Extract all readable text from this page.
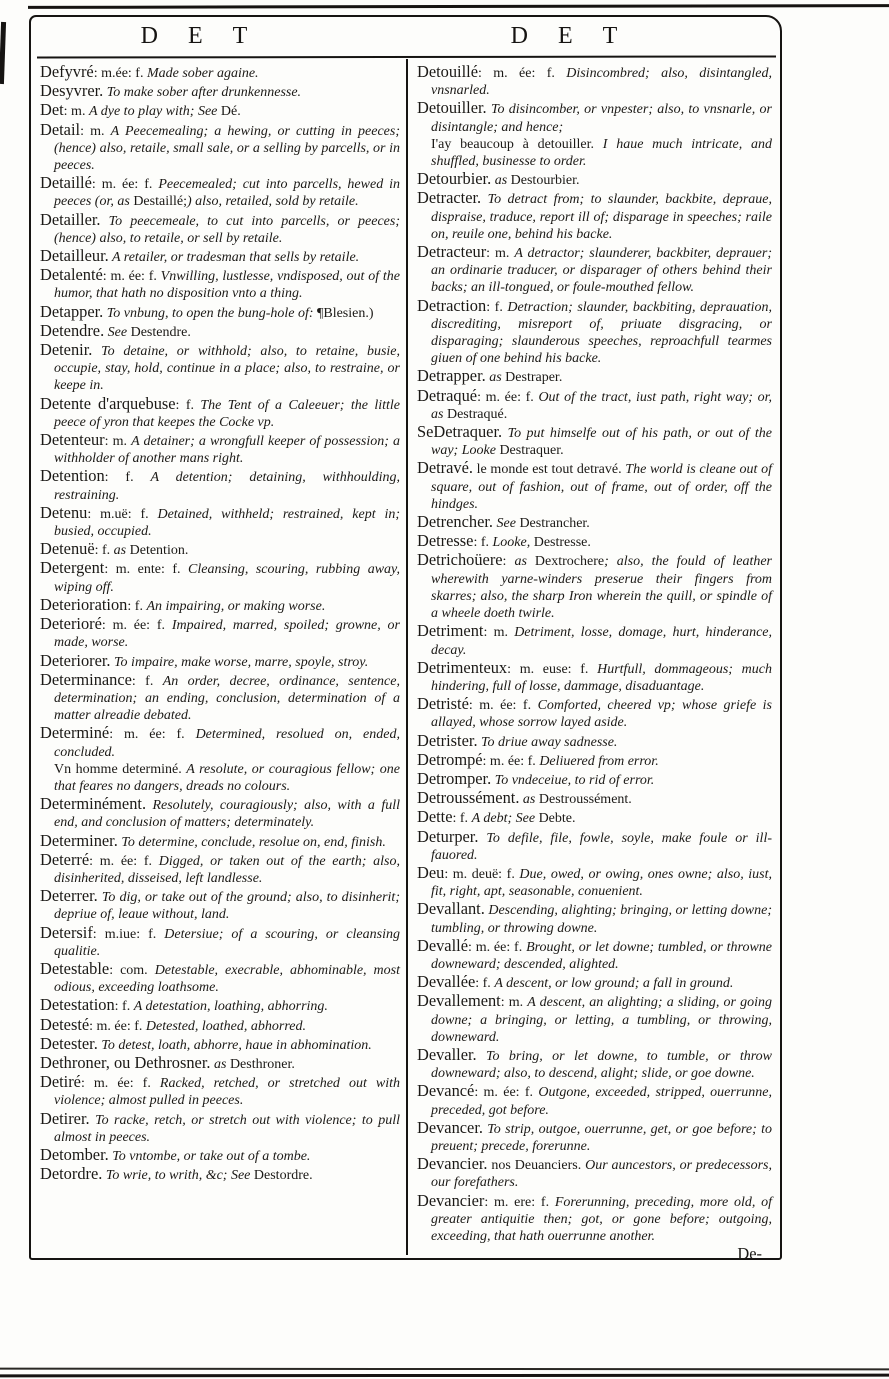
D E T	D E T

Defyvré: m.ée: f. Made sober againe.

Desyvrer. To make sober after drunkennesse.

Det: m. A dye to play with; See Dé.

Detail: m. A Peecemealing; a hewing, or cutting in peeces; (hence) also, retaile, small sale, or a selling by parcells, or in peeces.

Detaillé: m. ée: f. Peecemealed; cut into parcells, hewed in peeces (or, as Destaillé;) also, retailed, sold by retaile.

Detailler. To peecemeale, to cut into parcells, or peeces; (hence) also, to retaile, or sell by retaile.

Detailleur. A retailer, or tradesman that sells by retaile.

Detalenté: m. ée: f. Vnwilling, lustlesse, vndisposed, out of the humor, that hath no disposition vnto a thing.

Detapper. To vnbung, to open the bung-hole of: ¶Blesien.)

Detendre. See Destendre.

Detenir. To detaine, or withhold; also, to retaine, busie, occupie, stay, hold, continue in a place; also, to restraine, or keepe in.

Detente d'arquebuse: f. The Tent of a Caleeuer; the little peece of yron that keepes the Cocke vp.

Detenteur: m. A detainer; a wrongfull keeper of possession; a withholder of another mans right.

Detention: f. A detention; detaining, withhoulding, restraining.

Detenu: m.uë: f. Detained, withheld; restrained, kept in; busied, occupied.

Detenuë: f. as Detention.

Detergent: m. ente: f. Cleansing, scouring, rubbing away, wiping off.

Deterioration: f. An impairing, or making worse.

Deterioré: m. ée: f. Impaired, marred, spoiled; growne, or made, worse.

Deteriorer. To impaire, make worse, marre, spoyle, stroy.

Determinance: f. An order, decree, ordinance, sentence, determination; an ending, conclusion, determination of a matter alreadie debated.

Determiné: m. ée: f. Determined, resolued on, ended, concluded.

Vn homme determiné. A resolute, or couragious fellow; one that feares no dangers, dreads no colours.

Determinément. Resolutely, couragiously; also, with a full end, and conclusion of matters; determinately.

Determiner. To determine, conclude, resolue on, end, finish.

Deterré: m. ée: f. Digged, or taken out of the earth; also, disinherited, disseised, left landlesse.

Deterrer. To dig, or take out of the ground; also, to disinherit; depriue of, leaue without, land.

Detersif: m.iue: f. Detersiue; of a scouring, or cleansing qualitie.

Detestable: com. Detestable, execrable, abhominable, most odious, exceeding loathsome.

Detestation: f. A detestation, loathing, abhorring.

Detesté: m. ée: f. Detested, loathed, abhorred.

Detester. To detest, loath, abhorre, haue in abhomination.

Dethroner, ou Dethrosner. as Desthroner.

Detiré: m. ée: f. Racked, retched, or stretched out with violence; almost pulled in peeces.

Detirer. To racke, retch, or stretch out with violence; to pull almost in peeces.

Detomber. To vntombe, or take out of a tombe.

Detordre. To wrie, to writh, &c; See Destordre.

Detouillé: m. ée: f. Disincombred; also, disintangled, vnsnarled.

Detouiller. To disincomber, or vnpester; also, to vnsnarle, or disintangle; and hence;

I'ay beaucoup à detouiller. I haue much intricate, and shuffled, businesse to order.

Detourbier. as Destourbier.

Detracter. To detract from; to slaunder, backbite, depraue, dispraise, traduce, report ill of; disparage in speeches; raile on, reuile one, behind his backe.

Detracteur: m. A detractor; slaunderer, backbiter, deprauer; an ordinarie traducer, or disparager of others behind their backs; an ill-tongued, or foule-mouthed fellow.

Detraction: f. Detraction; slaunder, backbiting, deprauation, discrediting, misreport of, priuate disgracing, or disparaging; slaunderous speeches, reproachfull tearmes giuen of one behind his backe.

Detrapper. as Destraper.

Detraqué: m. ée: f. Out of the tract, iust path, right way; or, as Destraqué.

SeDetraquer. To put himselfe out of his path, or out of the way; Looke Destraquer.

Detravé. le monde est tout detravé. The world is cleane out of square, out of fashion, out of frame, out of order, off the hindges.

Detrencher. See Destrancher.

Detresse: f. Looke, Destresse.

Detrichoüere: as Dextrochere; also, the fould of leather wherewith yarne-winders preserue their fingers from skarres; also, the sharp Iron wherein the quill, or spindle of a wheele doeth twirle.

Detriment: m. Detriment, losse, domage, hurt, hinderance, decay.

Detrimenteux: m. euse: f. Hurtfull, dommageous; much hindering, full of losse, dammage, disaduantage.

Detristé: m. ée: f. Comforted, cheered vp; whose griefe is allayed, whose sorrow layed aside.

Detrister. To driue away sadnesse.

Detrompé: m. ée: f. Deliuered from error.

Detromper. To vndeceiue, to rid of error.

Detroussément. as Destroussément.

Dette: f. A debt; See Debte.

Deturper. To defile, file, fowle, soyle, make foule or ill-fauored.

Deu: m. deuë: f. Due, owed, or owing, ones owne; also, iust, fit, right, apt, seasonable, conuenient.

Devallant. Descending, alighting; bringing, or letting downe; tumbling, or throwing downe.

Devallé: m. ée: f. Brought, or let downe; tumbled, or throwne downeward; descended, alighted.

Devallée: f. A descent, or low ground; a fall in ground.

Devallement: m. A descent, an alighting; a sliding, or going downe; a bringing, or letting, a tumbling, or throwing, downeward.

Devaller. To bring, or let downe, to tumble, or throw downeward; also, to descend, alight; slide, or goe downe.

Devancé: m. ée: f. Outgone, exceeded, stripped, ouerrunne, preceded, got before.

Devancer. To strip, outgoe, ouerrunne, get, or goe before; to preuent; precede, forerunne.

Devancier. nos Deuanciers. Our auncestors, or predecessors, our forefathers.

Devancier: m. ere: f. Forerunning, preceding, more old, of greater antiquitie then; got, or gone before; outgoing, exceeding, that hath ouerrunne another.

De-
